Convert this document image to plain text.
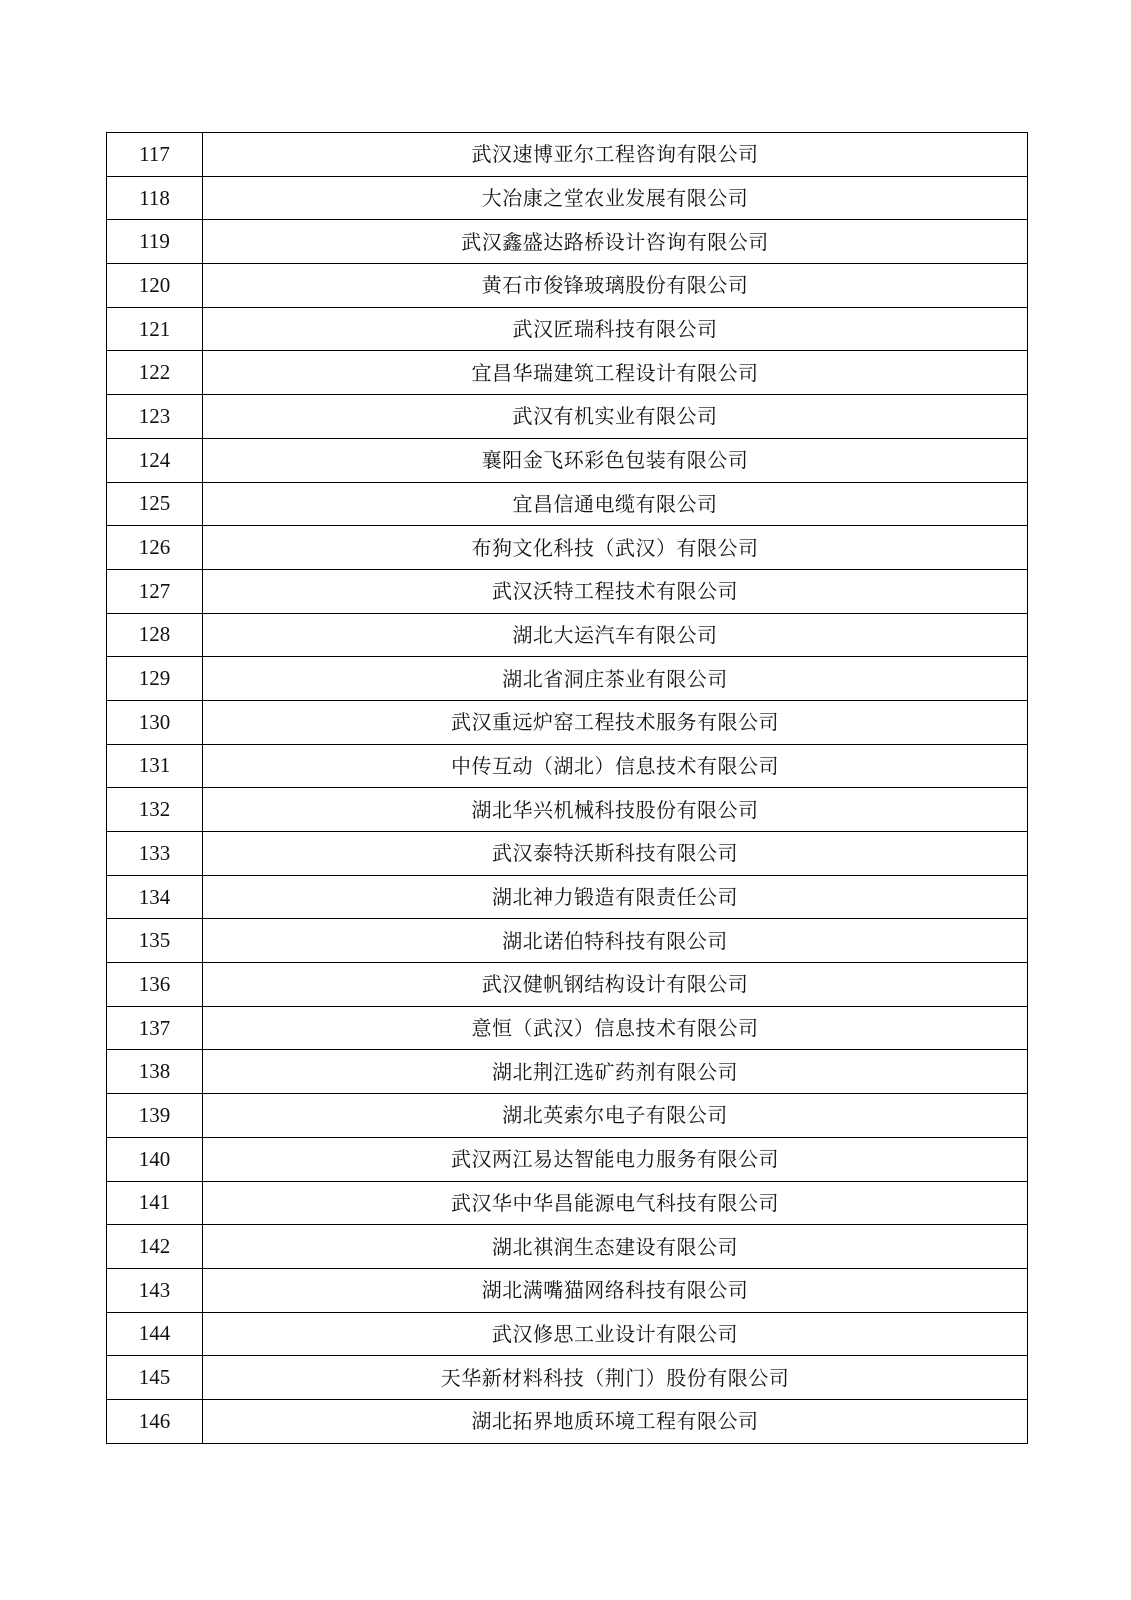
117	武汉速博亚尔工程咨询有限公司
118	大冶康之堂农业发展有限公司
119	武汉鑫盛达路桥设计咨询有限公司
120	黄石市俊锋玻璃股份有限公司
121	武汉匠瑞科技有限公司
122	宜昌华瑞建筑工程设计有限公司
123	武汉有机实业有限公司
124	襄阳金飞环彩色包装有限公司
125	宜昌信通电缆有限公司
126	布狗文化科技（武汉）有限公司
127	武汉沃特工程技术有限公司
128	湖北大运汽车有限公司
129	湖北省洞庄茶业有限公司
130	武汉重远炉窑工程技术服务有限公司
131	中传互动（湖北）信息技术有限公司
132	湖北华兴机械科技股份有限公司
133	武汉泰特沃斯科技有限公司
134	湖北神力锻造有限责任公司
135	湖北诺伯特科技有限公司
136	武汉健帆钢结构设计有限公司
137	意恒（武汉）信息技术有限公司
138	湖北荆江选矿药剂有限公司
139	湖北英索尔电子有限公司
140	武汉两江易达智能电力服务有限公司
141	武汉华中华昌能源电气科技有限公司
142	湖北祺润生态建设有限公司
143	湖北满嘴猫网络科技有限公司
144	武汉修思工业设计有限公司
145	天华新材料科技（荆门）股份有限公司
146	湖北拓界地质环境工程有限公司
